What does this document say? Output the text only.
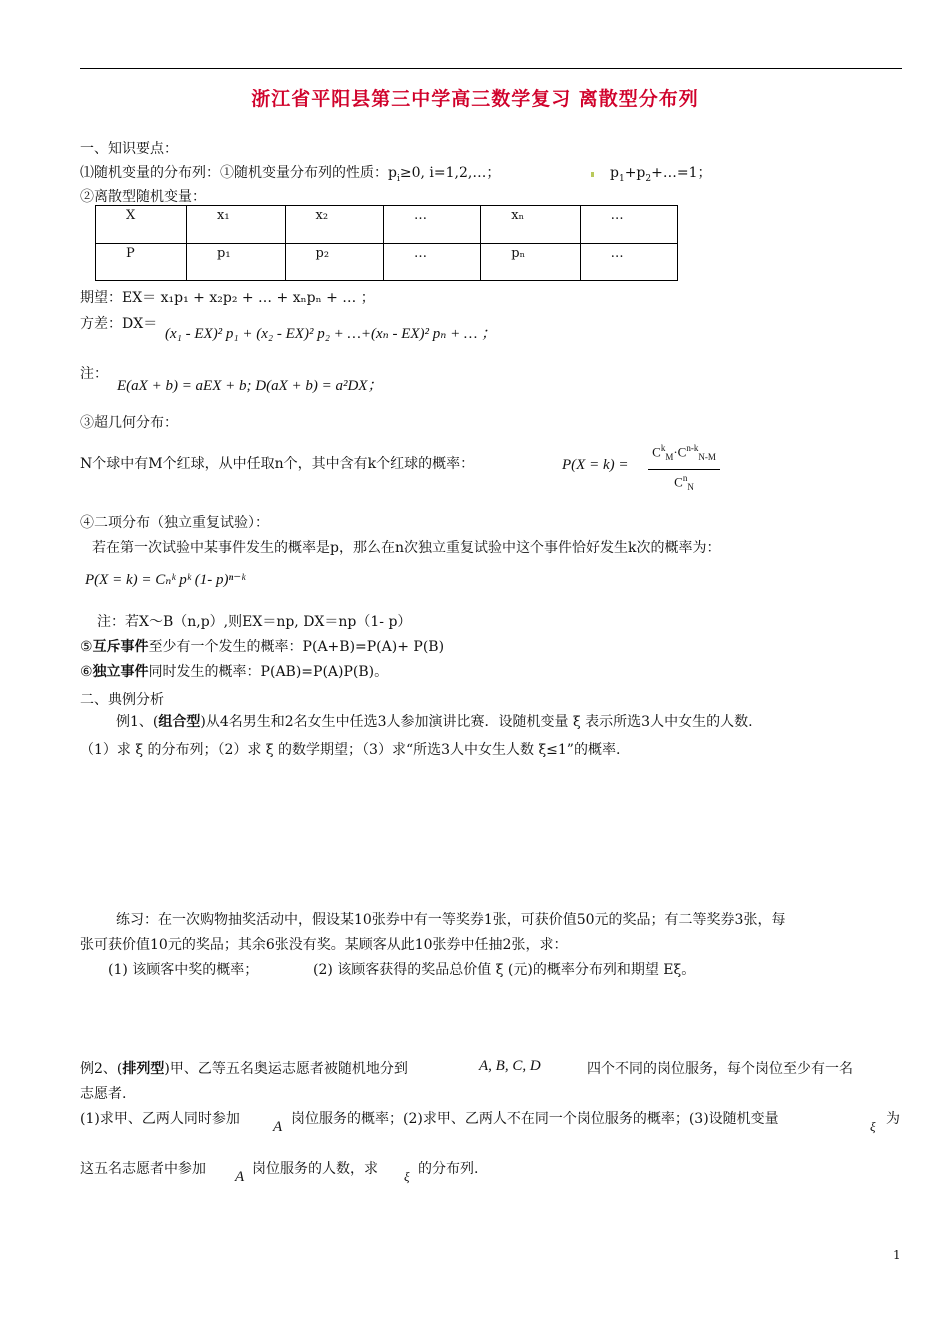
浙江省平阳县第三中学高三数学复习 离散型分布列
一、知识要点：
⑴随机变量的分布列：①随机变量分布列的性质：$p_i\ge 0$, i=1,2,…；	$p_1+p_2+\dots=1$；
②离散型随机变量：
X	x₁	x₂	…	xₙ	…
P	p₁	p₂	…	pₙ	…
期望：EX＝ x₁p₁ + x₂p₂ + … + xₙpₙ + … ；
方差：DX＝
(x₁ - EX)² p₁ + (x₂ - EX)² p₂ + …+(xₙ - EX)² pₙ + … ；
注：
E(aX + b) = aEX + b; D(aX + b) = a²DX；
③超几何分布：
N个球中有M个红球，从中任取n个，其中含有k个红球的概率：	P(X = k) =
$C^k_M\cdot C^{n-k}_{N-M}$
$C^n_N$
④二项分布（独立重复试验）：
若在第一次试验中某事件发生的概率是p，那么在n次独立重复试验中这个事件恰好发生k次的概率为：
P(X = k) = Cₙᵏ pᵏ (1- p)ⁿ⁻ᵏ
注：若X～B（n,p）,则EX＝np, DX＝np（1- p）
⑤互斥事件至少有一个发生的概率：P(A+B)=P(A)+ P(B)
⑥独立事件同时发生的概率：P(AB)=P(A)P(B)。
二、典例分析
例1、(组合型)从4名男生和2名女生中任选3人参加演讲比赛．设随机变量 ξ 表示所选3人中女生的人数.
（1）求 ξ 的分布列；（2）求 ξ 的数学期望；（3）求“所选3人中女生人数 ξ≤1”的概率.
练习：在一次购物抽奖活动中，假设某10张券中有一等奖券1张，可获价值50元的奖品；有二等奖券3张，每
张可获价值10元的奖品；其余6张没有奖。某顾客从此10张券中任抽2张，求：
(1) 该顾客中奖的概率；	(2) 该顾客获得的奖品总价值 ξ (元)的概率分布列和期望 Eξ。
例2、(排列型)甲、乙等五名奥运志愿者被随机地分到	A, B, C, D	四个不同的岗位服务，每个岗位至少有一名
志愿者.
(1)求甲、乙两人同时参加 A 岗位服务的概率；(2)求甲、乙两人不在同一个岗位服务的概率；(3)设随机变量	ξ 为
这五名志愿者中参加 A 岗位服务的人数，求 ξ 的分布列.
1
